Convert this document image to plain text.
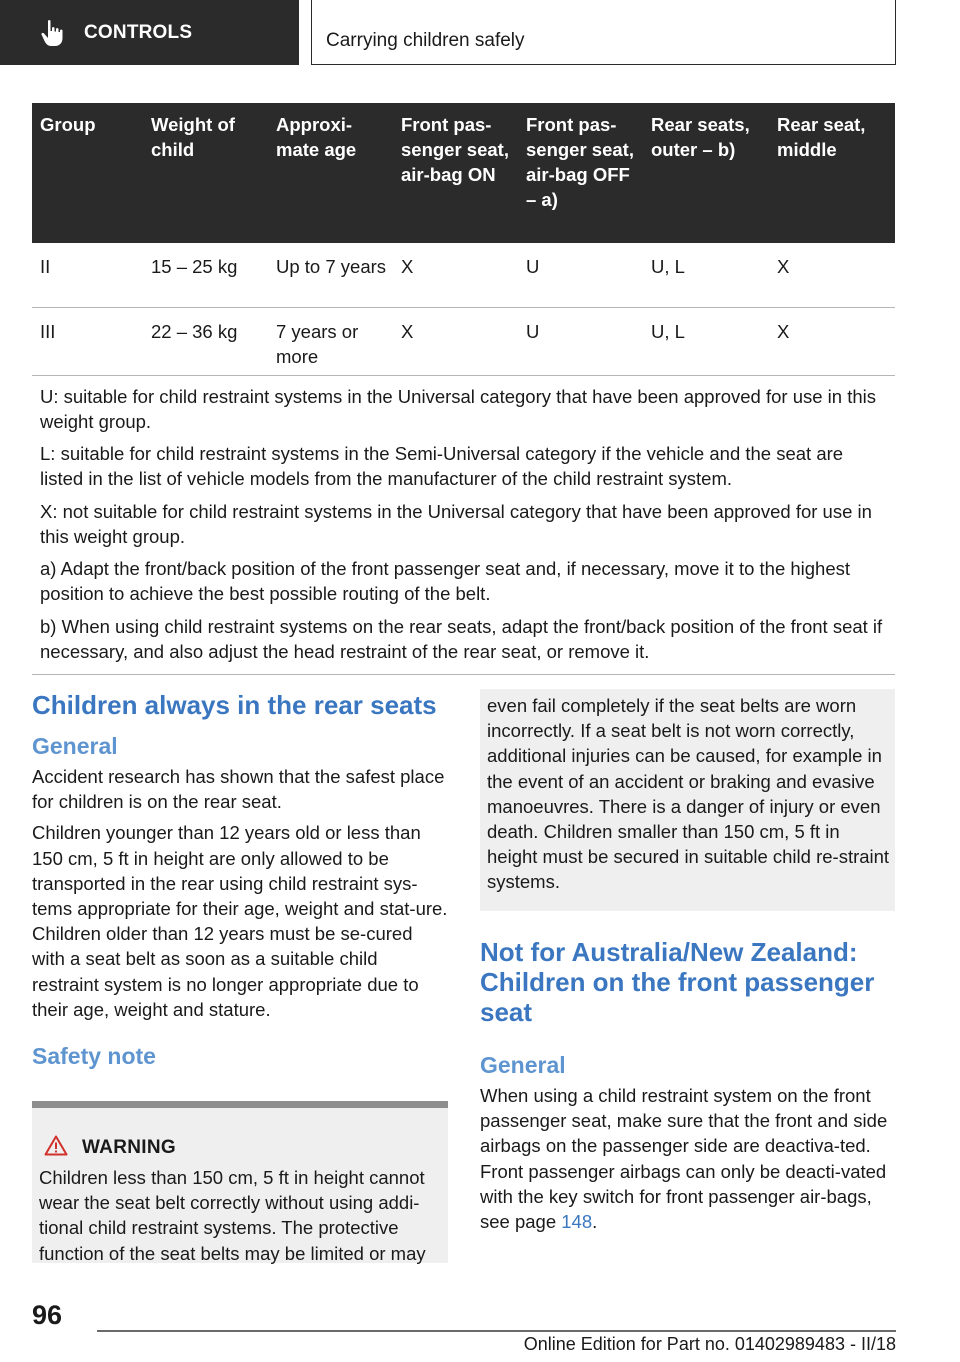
CONTROLS	Carrying children safely
Group	Weight of child	Approxi-mate age	Front pas-senger seat, air-bag ON	Front pas-senger seat, air-bag OFF – a)	Rear seats, outer – b)	Rear seat, middle
II	15 – 25 kg	Up to 7 years	X	U	U, L	X
III	22 – 36 kg	7 years or more	X	U	U, L	X

U: suitable for child restraint systems in the Universal category that have been approved for use in this weight group.

L: suitable for child restraint systems in the Semi-Universal category if the vehicle and the seat are listed in the list of vehicle models from the manufacturer of the child restraint system.

X: not suitable for child restraint systems in the Universal category that have been approved for use in this weight group.

a) Adapt the front/back position of the front passenger seat and, if necessary, move it to the highest position to achieve the best possible routing of the belt.

b) When using child restraint systems on the rear seats, adapt the front/back position of the front seat if necessary, and also adjust the head restraint of the rear seat, or remove it.						

Children always in the rear seats
General

Accident research has shown that the safest place for children is on the rear seat.

Children younger than 12 years old or less than 150 cm, 5 ft in height are only allowed to be transported in the rear using child restraint sys-tems appropriate for their age, weight and stat-ure. Children older than 12 years must be se-cured with a seat belt as soon as a suitable child restraint system is no longer appropriate due to their age, weight and stature.

Safety note
WARNING

Children less than 150 cm, 5 ft in height cannot wear the seat belt correctly without using addi-tional child restraint systems. The protective function of the seat belts may be limited or may

even fail completely if the seat belts are worn incorrectly. If a seat belt is not worn correctly, additional injuries can be caused, for example in the event of an accident or braking and evasive manoeuvres. There is a danger of injury or even death. Children smaller than 150 cm, 5 ft in height must be secured in suitable child re-straint systems.

Not for Australia/New Zealand: Children on the front passenger seat
General

When using a child restraint system on the front passenger seat, make sure that the front and side airbags on the passenger side are deactiva-ted. Front passenger airbags can only be deacti-vated with the key switch for front passenger air-bags, see page 148.

96
Online Edition for Part no. 01402989483 - II/18
